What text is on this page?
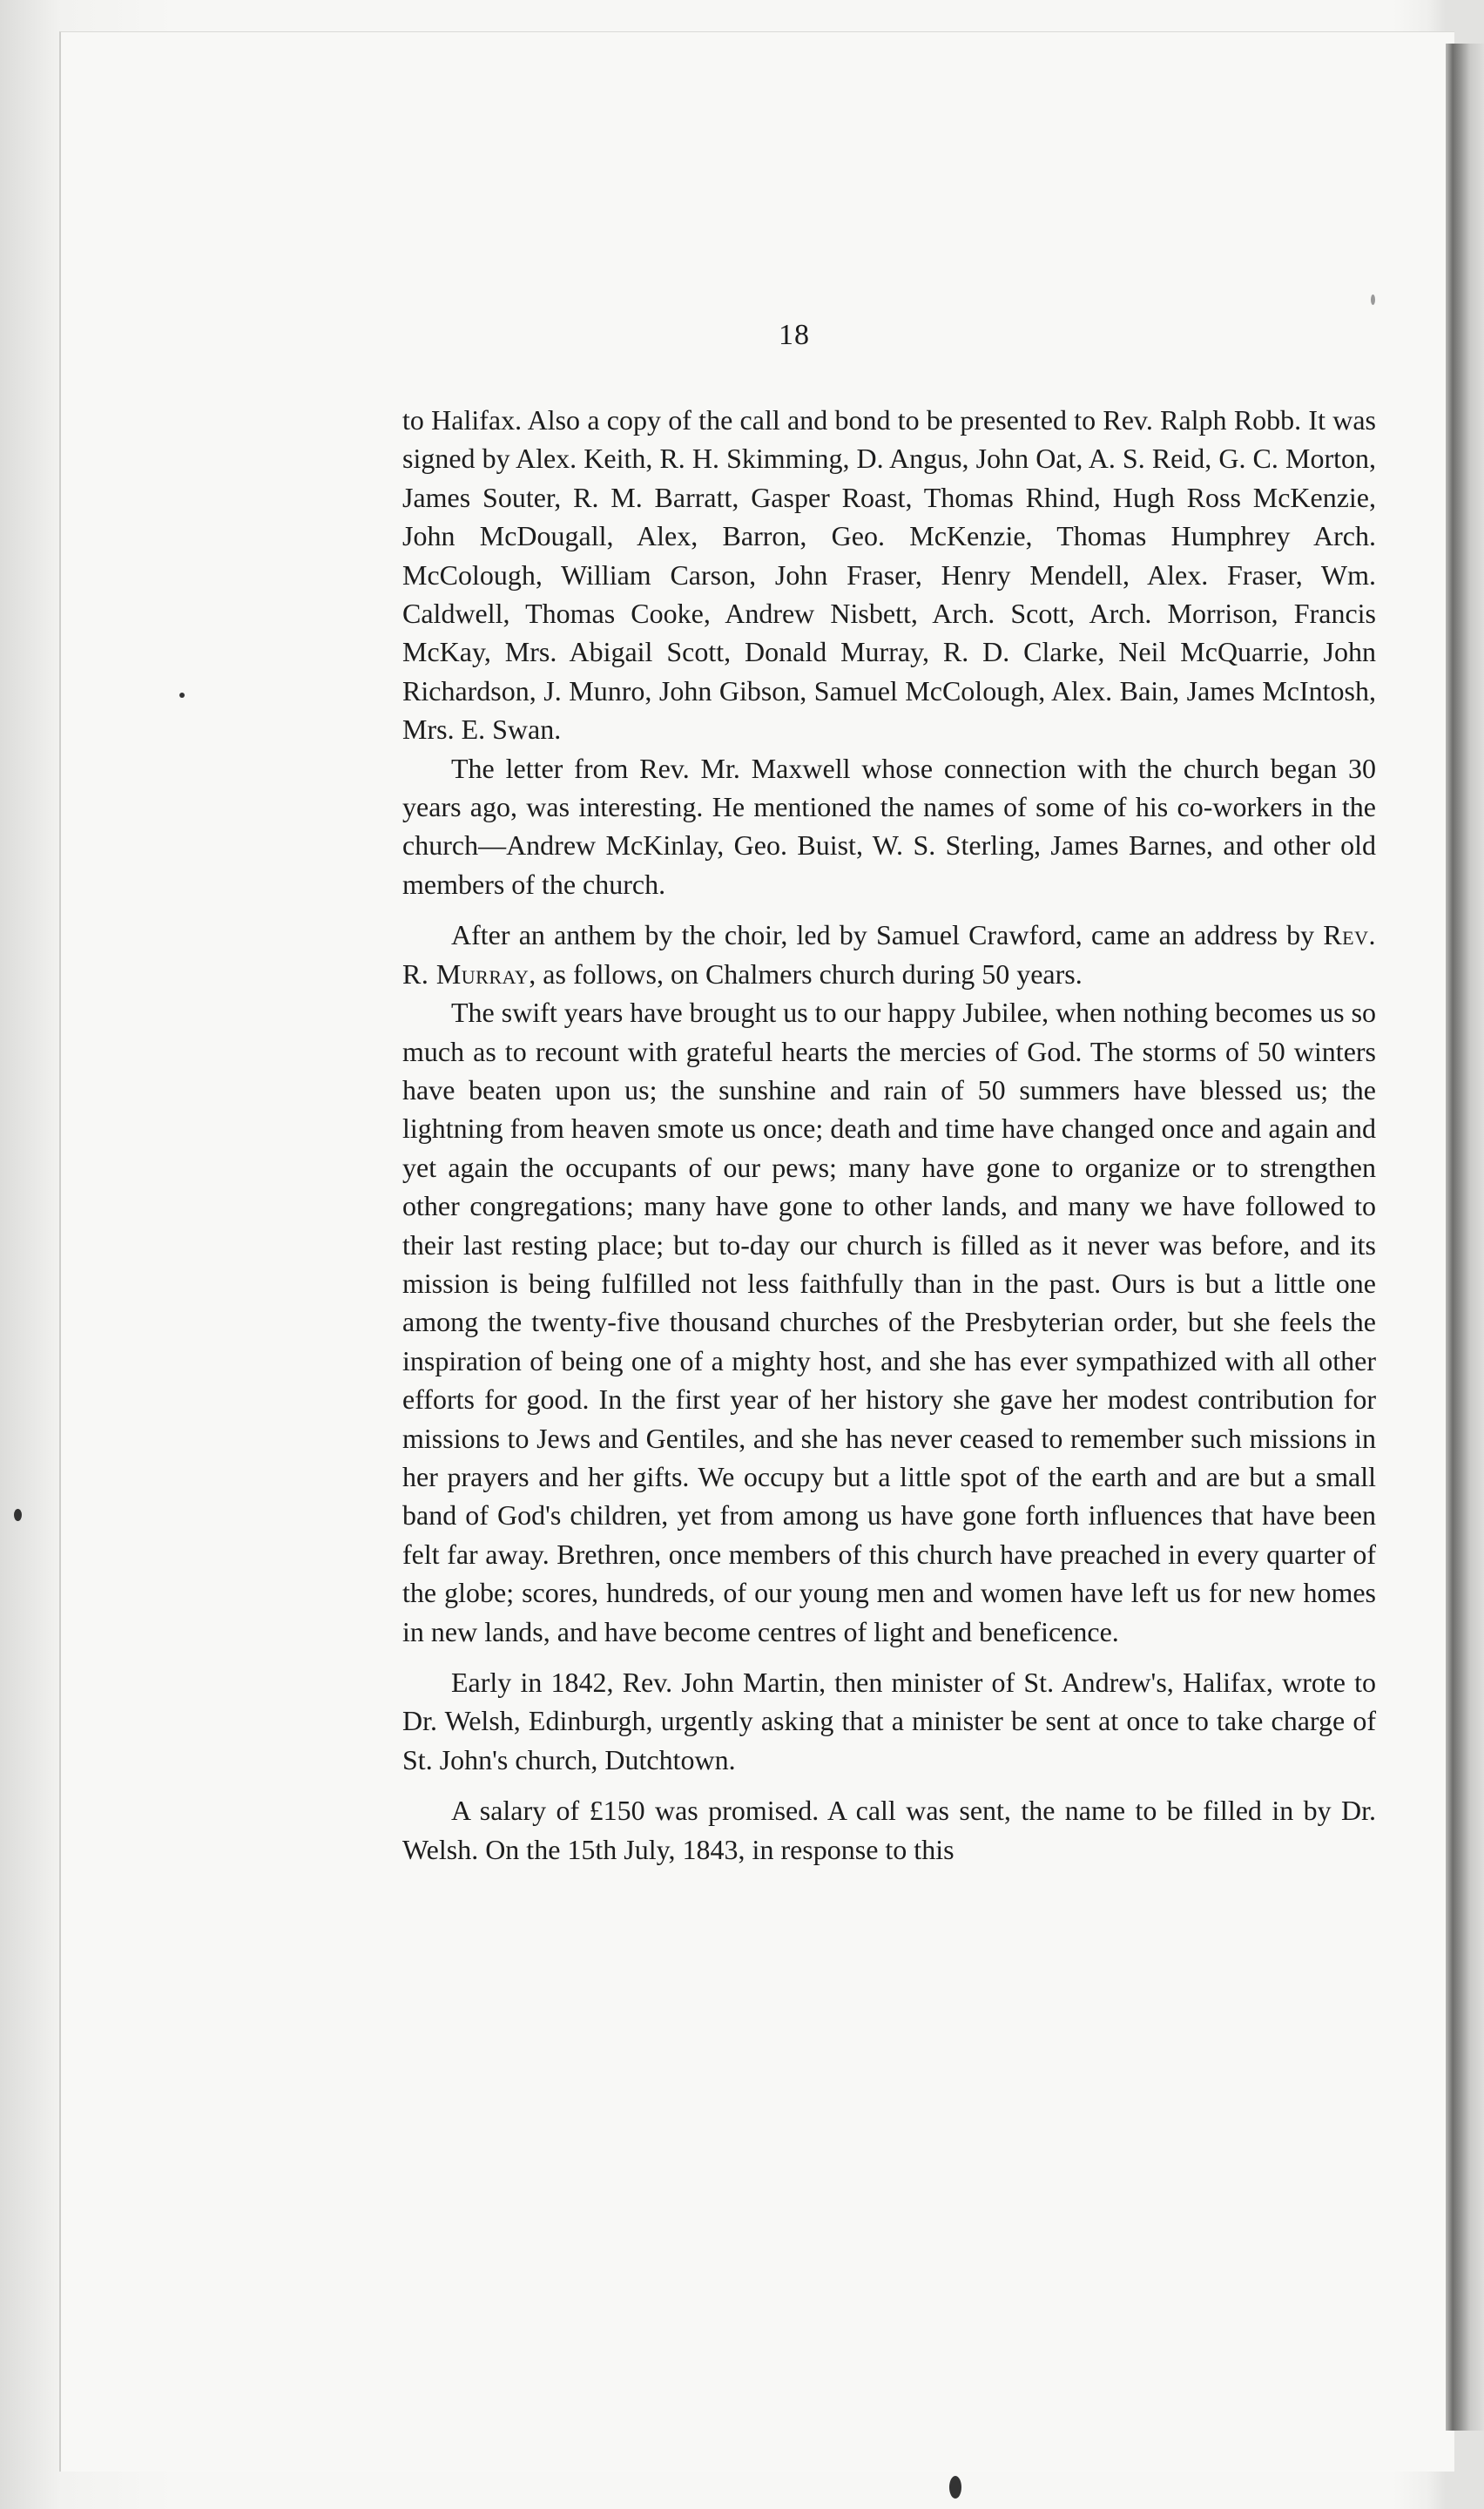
18

to Halifax. Also a copy of the call and bond to be presented to Rev. Ralph Robb. It was signed by Alex. Keith, R. H. Skimming, D. Angus, John Oat, A. S. Reid, G. C. Morton, James Souter, R. M. Barratt, Gasper Roast, Thomas Rhind, Hugh Ross McKenzie, John McDougall, Alex, Barron, Geo. McKenzie, Thomas Humphrey Arch. McColough, William Carson, John Fraser, Henry Mendell, Alex. Fraser, Wm. Caldwell, Thomas Cooke, Andrew Nisbett, Arch. Scott, Arch. Morrison, Francis McKay, Mrs. Abigail Scott, Donald Murray, R. D. Clarke, Neil McQuarrie, John Richardson, J. Munro, John Gibson, Samuel McColough, Alex. Bain, James McIntosh, Mrs. E. Swan.

The letter from Rev. Mr. Maxwell whose connection with the church began 30 years ago, was interesting. He mentioned the names of some of his co-workers in the church—Andrew McKinlay, Geo. Buist, W. S. Sterling, James Barnes, and other old members of the church.

After an anthem by the choir, led by Samuel Crawford, came an address by Rev. R. Murray, as follows, on Chalmers church during 50 years.

The swift years have brought us to our happy Jubilee, when nothing becomes us so much as to recount with grateful hearts the mercies of God. The storms of 50 winters have beaten upon us; the sunshine and rain of 50 summers have blessed us; the lightning from heaven smote us once; death and time have changed once and again and yet again the occupants of our pews; many have gone to organize or to strengthen other congregations; many have gone to other lands, and many we have followed to their last resting place; but to-day our church is filled as it never was before, and its mission is being fulfilled not less faithfully than in the past. Ours is but a little one among the twenty-five thousand churches of the Presbyterian order, but she feels the inspiration of being one of a mighty host, and she has ever sympathized with all other efforts for good. In the first year of her history she gave her modest contribution for missions to Jews and Gentiles, and she has never ceased to remember such missions in her prayers and her gifts. We occupy but a little spot of the earth and are but a small band of God's children, yet from among us have gone forth influences that have been felt far away. Brethren, once members of this church have preached in every quarter of the globe; scores, hundreds, of our young men and women have left us for new homes in new lands, and have become centres of light and beneficence.

Early in 1842, Rev. John Martin, then minister of St. Andrew's, Halifax, wrote to Dr. Welsh, Edinburgh, urgently asking that a minister be sent at once to take charge of St. John's church, Dutchtown.

A salary of £150 was promised. A call was sent, the name to be filled in by Dr. Welsh. On the 15th July, 1843, in response to this
